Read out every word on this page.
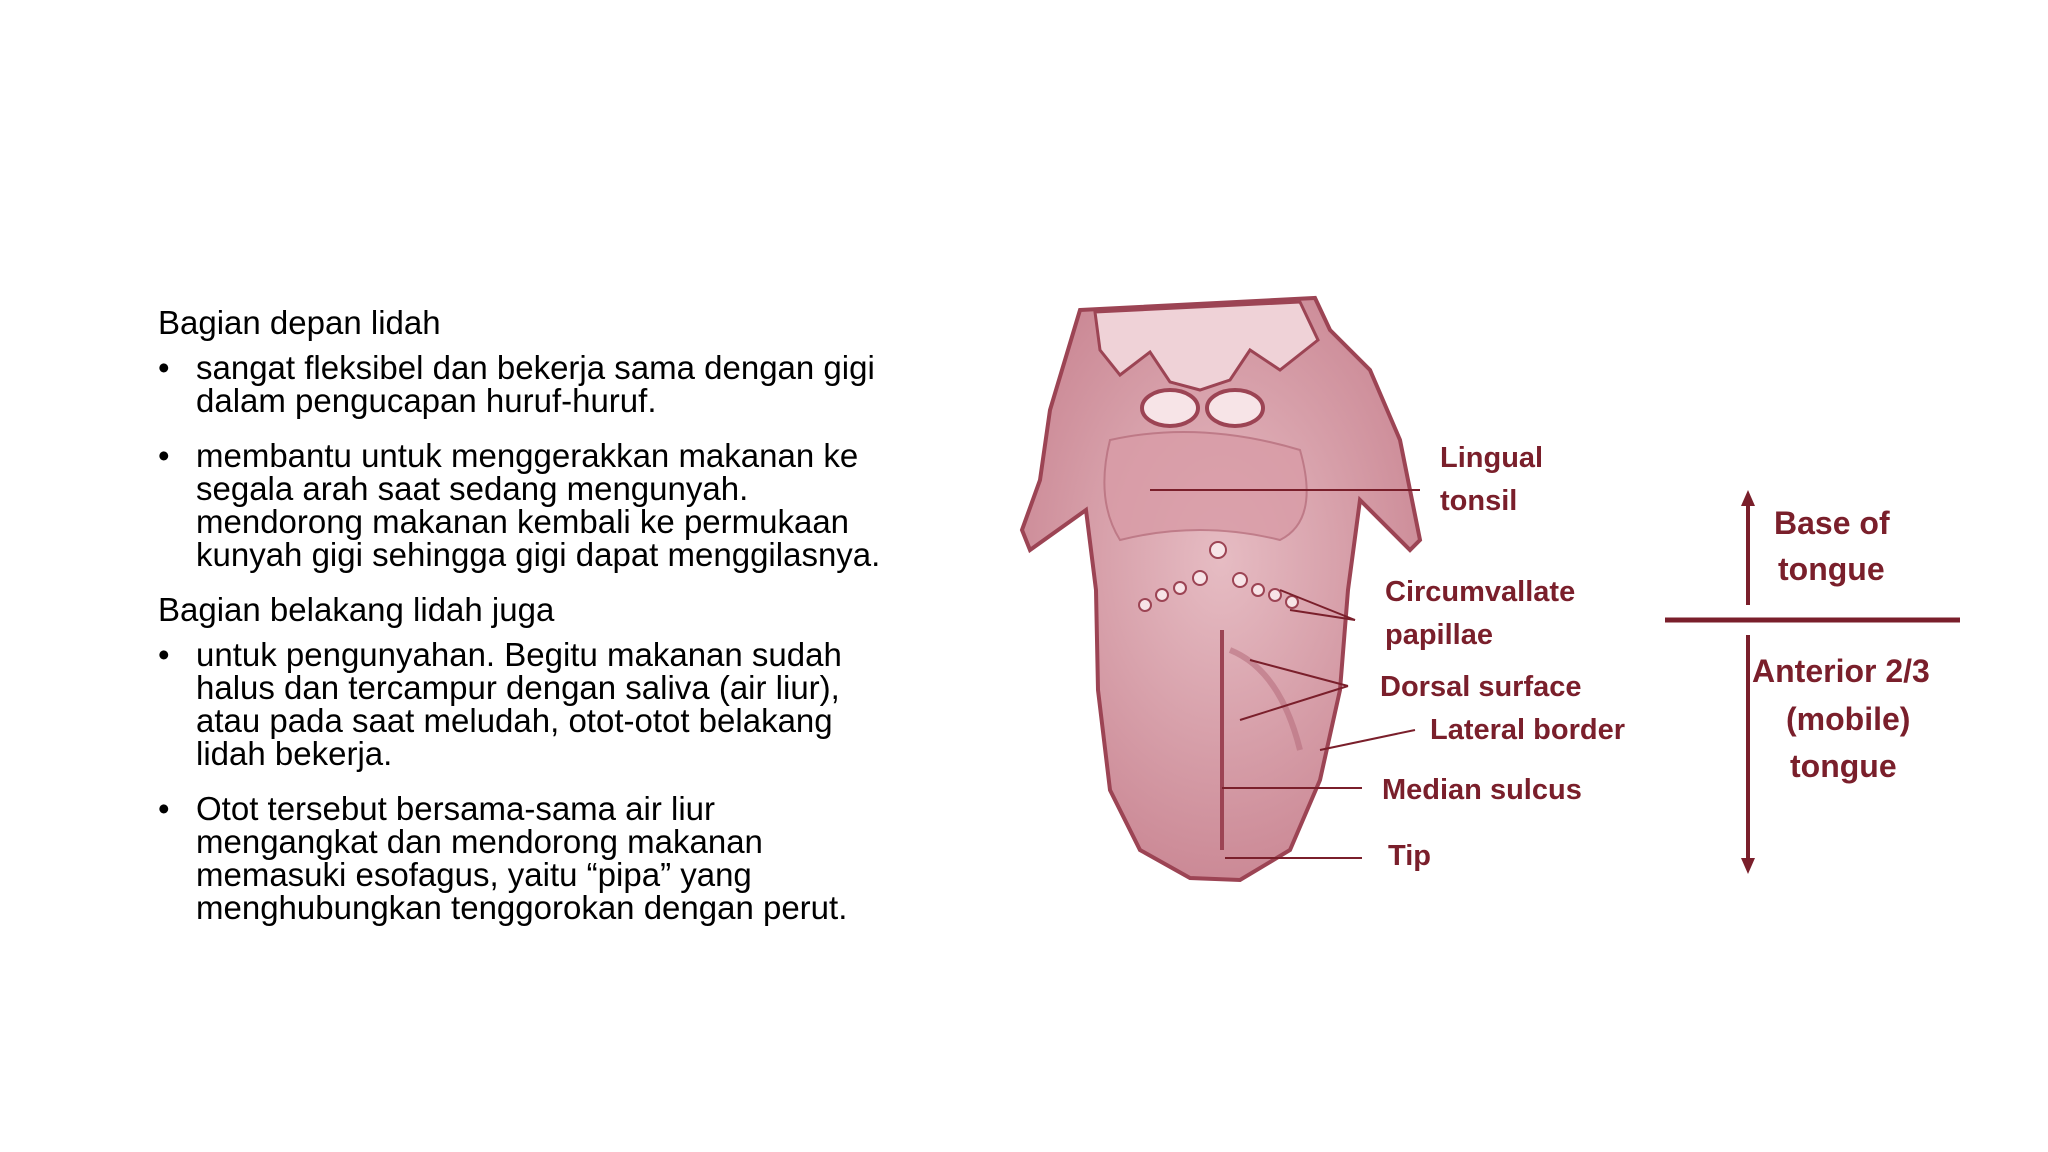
Bagian depan lidah
• sangat fleksibel dan bekerja sama dengan gigi
dalam pengucapan huruf-huruf.
• membantu untuk menggerakkan makanan ke
segala arah saat sedang mengunyah.
mendorong makanan kembali ke permukaan
kunyah gigi sehingga gigi dapat menggilasnya.
Bagian belakang lidah juga
• untuk pengunyahan. Begitu makanan sudah
halus dan tercampur dengan saliva (air liur),
atau pada saat meludah, otot-otot belakang
lidah bekerja.
• Otot tersebut bersama-sama air liur
mengangkat dan mendorong makanan
memasuki esofagus, yaitu “pipa” yang
menghubungkan tenggorokan dengan perut.
Lingual
tonsil
Circumvallate
papillae
Dorsal surface
Lateral border
Median sulcus
Tip
Base of
tongue
Anterior 2/3
(mobile)
tongue
